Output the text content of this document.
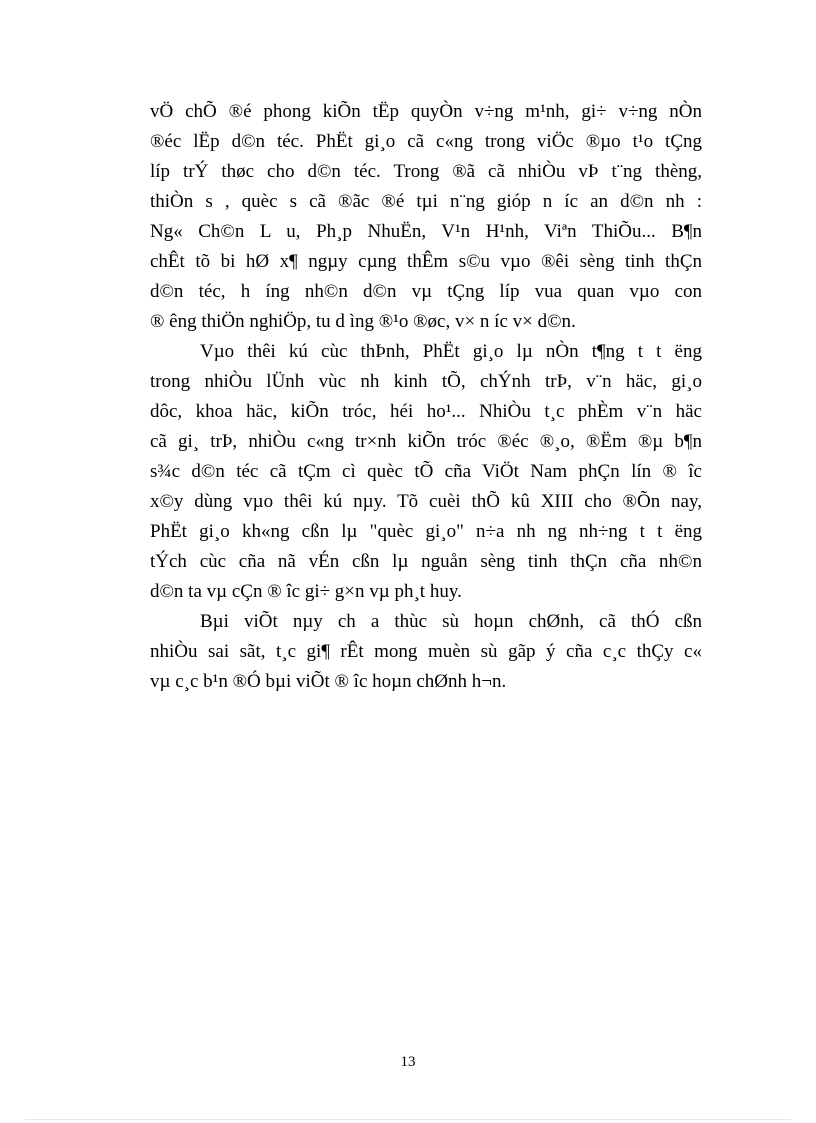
vÖ chÕ ®é phong kiÕn tËp quyÒn v÷ng m¹nh, gi÷ v÷ng nÒn
®éc lËp d©n téc. PhËt gi¸o cã c«ng trong viÖc ®µo t¹o tÇng
líp trÝ thøc cho d©n téc. Trong ®ã cã nhiÒu vÞ t¨ng thèng,
thiÒn s , quèc s cã ®ãc ®é tµi n¨ng gióp n íc an d©n nh :
Ng« Ch©n L u, Ph¸p NhuËn, V¹n H¹nh, Viªn ThiÕu... B¶n
chÊt tõ bi hØ x¶ ngµy cµng thÊm s©u vµo ®êi sèng tinh thÇn
d©n téc, h íng nh©n d©n vµ tÇng líp vua quan vµo con
® êng thiÖn nghiÖp, tu d ìng ®¹o ®øc, v× n íc v× d©n.

Vµo thêi kú cùc thÞnh, PhËt gi¸o lµ nÒn t¶ng t t ëng
trong nhiÒu lÜnh vùc nh kinh tÕ, chÝnh trÞ, v¨n häc, gi¸o
dôc, khoa häc, kiÕn tróc, héi ho¹... NhiÒu t¸c phÈm v¨n häc
cã gi¸ trÞ, nhiÒu c«ng tr×nh kiÕn tróc ®éc ®¸o, ®Ëm ®µ b¶n
s¾c d©n téc cã tÇm cì quèc tÕ cña ViÖt Nam phÇn lín ® îc
x©y dùng vµo thêi kú nµy. Tõ cuèi thÕ kû XIII cho ®Õn nay,
PhËt gi¸o kh«ng cßn lµ "quèc gi¸o" n÷a nh ng nh÷ng t t ëng
tÝch cùc cña nã vÉn cßn lµ nguån sèng tinh thÇn cña nh©n
d©n ta vµ cÇn ® îc gi÷ g×n vµ ph¸t huy.

Bµi viÕt nµy ch a thùc sù hoµn chØnh, cã thÓ cßn
nhiÒu sai sãt, t¸c gi¶ rÊt mong muèn sù gãp ý cña c¸c thÇy c«
vµ c¸c b¹n ®Ó bµi viÕt ® îc hoµn chØnh h¬n.

13
